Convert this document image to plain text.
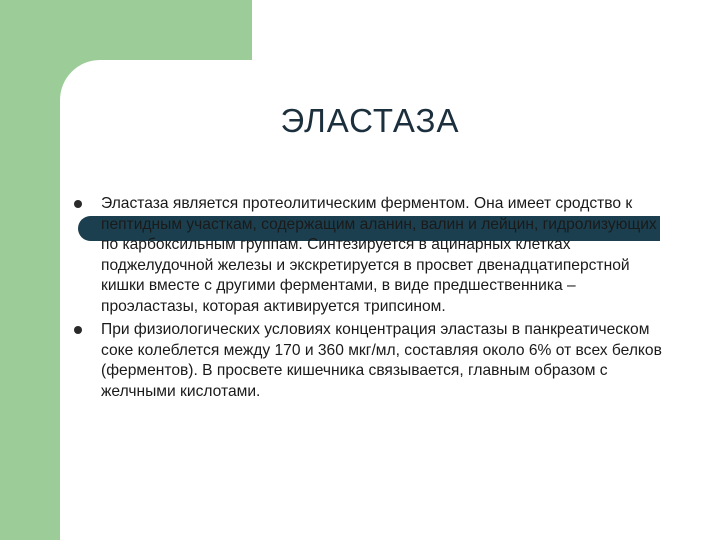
ЭЛАСТАЗА
Эластаза является протеолитическим ферментом. Она имеет сродство к пептидным участкам, содержащим аланин, валин и лейцин, гидролизующих по карбоксильным группам. Синтезируется в ацинарных клетках поджелудочной железы и экскретируется в просвет двенадцатиперстной кишки вместе с другими ферментами, в виде предшественника – проэластазы, которая активируется трипсином.
При физиологических условиях концентрация эластазы в панкреатическом соке колеблется между 170 и 360 мкг/мл, составляя около 6% от всех белков (ферментов). В просвете кишечника связывается, главным образом с желчными кислотами.
